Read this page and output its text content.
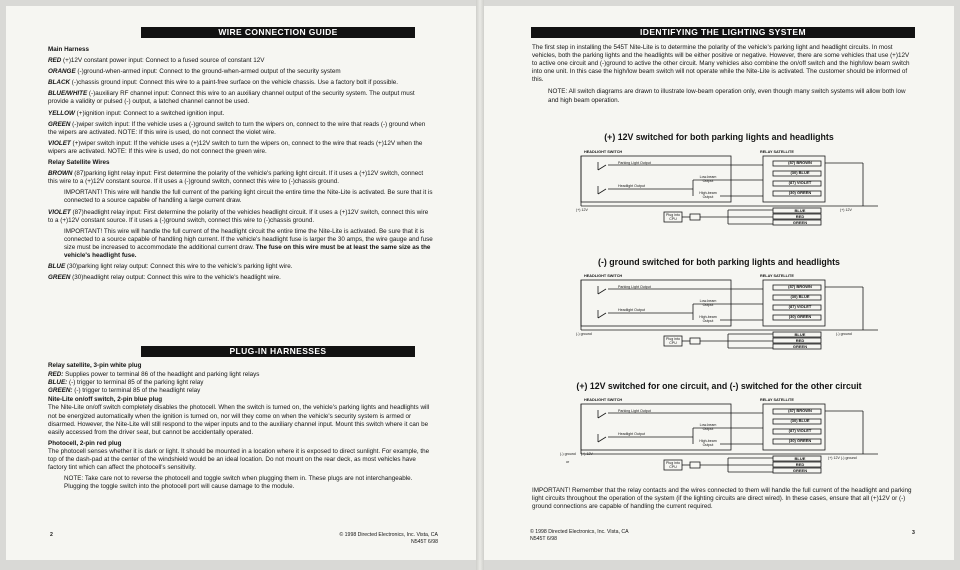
WIRE CONNECTION GUIDE
Main Harness

RED (+)12V constant power input: Connect to a fused source of constant 12V

ORANGE (-)ground-when-armed input: Connect to the ground-when-armed output of the security system

BLACK (-)chassis ground input: Connect this wire to a paint-free surface on the vehicle chassis. Use a factory bolt if possible.

BLUE/WHITE (-)auxiliary RF channel input: Connect this wire to an auxiliary channel output of the security system. The output must provide a validity or pulsed (-) output, a latched channel cannot be used.

YELLOW (+)ignition input: Connect to a switched ignition input.

GREEN (-)wiper switch input: If the vehicle uses a (-)ground switch to turn the wipers on, connect to the wire that reads (-) ground when the wipers are activated. NOTE: If this wire is used, do not connect the violet wire.

VIOLET (+)wiper switch input: If the vehicle uses a (+)12V switch to turn the wipers on, connect to the wire that reads (+)12V when the wipers are activated. NOTE: If this wire is used, do not connect the green wire.

Relay Satellite Wires

BROWN (87)parking light relay input: First determine the polarity of the vehicle's parking light circuit. If it uses a (+)12V switch, connect this wire to a (+)12V constant source. If it uses a (-)ground switch, connect this wire to (-)chassis ground.

IMPORTANT! This wire will handle the full current of the parking light circuit the entire time the Nite-Lite is activated. Be sure that it is connected to a source capable of handling a large current draw.

VIOLET (87)headlight relay input: First determine the polarity of the vehicles headlight circuit. If it uses a (+)12V switch, connect this wire to a (+)12V constant source. If it uses a (-)ground switch, connect this wire to (-)chassis ground.

IMPORTANT! This wire will handle the full current of the headlight circuit the entire time the Nite-Lite is activated. Be sure that it is connected to a source capable of handling high current. If the vehicle's headlight fuse is larger the 30 amps, the wire gauge and fuse size must be increased to accommodate the additional current draw. The fuse on this wire must be at least the same size as the vehicle's headlight fuse.

BLUE (30)parking light relay output: Connect this wire to the vehicle's parking light wire.

GREEN (30)headlight relay output: Connect this wire to the vehicle's headlight wire.

PLUG-IN HARNESSES
Relay satellite, 3-pin white plug
RED: Supplies power to terminal 86 of the headlight and parking light relays
BLUE: (-) trigger to terminal 85 of the parking light relay
GREEN: (-) trigger to terminal 85 of the headlight relay
Nite-Lite on/off switch, 2-pin blue plug

The Nite-Lite on/off switch completely disables the photocell. When the switch is turned on, the vehicle's parking lights and headlights will not be energized automatically when the ignition is turned on, nor will they come on when the vehicle's security system is armed or disarmed. However, the Nite-Lite will still respond to the wiper inputs and to the auxiliary channel input. Mount this switch where it can be easily accessed from the driver seat, but cannot be accidentally operated.

Photocell, 2-pin red plug

The photocell senses whether it is dark or light. It should be mounted in a location where it is exposed to direct sunlight. For example, the top of the dash-pad at the center of the windshield would be an ideal location. Do not mount on the rear deck, as most vehicles have factory tint which can affect the photocell's sensitivity.

NOTE: Take care not to reverse the photocell and toggle switch when plugging them in. These plugs are not interchangeable. Plugging the toggle switch into the photocell port will cause damage to the module.

2	© 1998 Directed Electronics, Inc. Vista, CA
N545T 6/98
IDENTIFYING THE LIGHTING SYSTEM

The first step in installing the 545T Nite-Lite is to determine the polarity of the vehicle's parking light and headlight circuits. In most vehicles, both the parking lights and the headlights will be either positive or negative. However, there are some vehicles that use (+)12V to active one circuit and (-)ground to active the other circuit. Many vehicles also combine the on/off switch and the high/low beam switch into one unit. In this case the high/low beam switch will not operate while the Nite-Lite is activated. The customer should be informed of this.

NOTE: All switch diagrams are drawn to illustrate low-beam operation only, even though many switch systems will allow both low and high beam operation.

(+) 12V switched for both parking lights and headlights
HEADLIGHT SWITCH	RELAY SATELLITE
Parking Light Output
Headlight Output
Low-beam Output
High-beam Output
Plug into CPU
(87) BROWN
(30) BLUE
(87) VIOLET
(30) GREEN
BLUE
RED
GREEN
(+) 12V	(+) 12V
(-) ground switched for both parking lights and headlights
HEADLIGHT SWITCH	RELAY SATELLITE
Parking Light Output
Headlight Output
Low-beam Output
High-beam Output
Plug into CPU
(87) BROWN
(30) BLUE
(87) VIOLET
(30) GREEN
BLUE
RED
GREEN
(-) ground	(-) ground
(+) 12V switched for one circuit, and (-) switched for the other circuit
HEADLIGHT SWITCH	RELAY SATELLITE
Parking Light Output
Headlight Output
Low-beam Output
High-beam Output
Plug into CPU
(87) BROWN
(30) BLUE
(87) VIOLET
(30) GREEN
BLUE
RED
GREEN
(-) ground (+) 12V
or
(+) 12V (-) ground

IMPORTANT! Remember that the relay contacts and the wires connected to them will handle the full current of the headlight and parking light circuits throughout the operation of the system (if the lighting circuits are direct wired). In these cases, ensure that all (+)12V or (-) ground connections are capable of handling the current required.

© 1998 Directed Electronics, Inc. Vista, CA
N545T 6/98
3
